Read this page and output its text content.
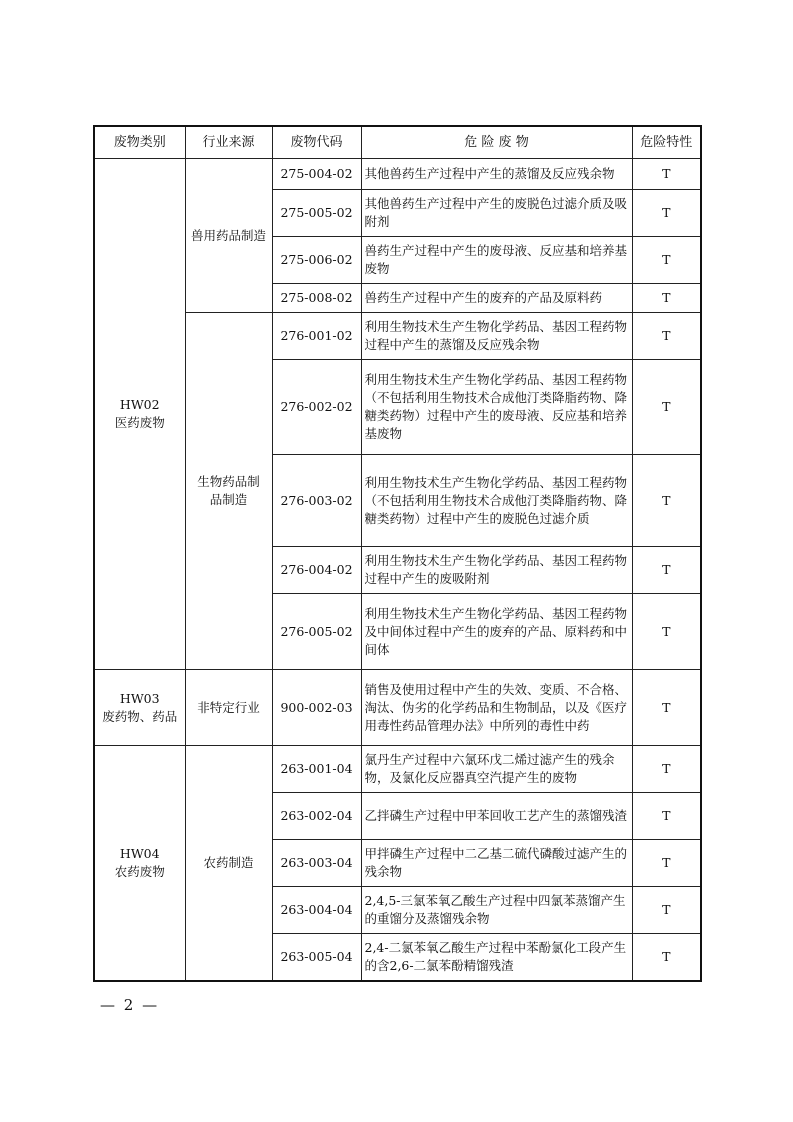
废物类别	行业来源	废物代码	危 险 废 物	危险特性

HW02
医药废物	兽用药品制造	275-004-02	其他兽药生产过程中产生的蒸馏及反应残余物	T
		275-005-02	其他兽药生产过程中产生的废脱色过滤介质及吸附剂	T
		275-006-02	兽药生产过程中产生的废母液、反应基和培养基废物	T
		275-008-02	兽药生产过程中产生的废弃的产品及原料药	T
	生物药品制品制造	276-001-02	利用生物技术生产生物化学药品、基因工程药物过程中产生的蒸馏及反应残余物	T
		276-002-02	利用生物技术生产生物化学药品、基因工程药物（不包括利用生物技术合成他汀类降脂药物、降糖类药物）过程中产生的废母液、反应基和培养基废物	T
		276-003-02	利用生物技术生产生物化学药品、基因工程药物（不包括利用生物技术合成他汀类降脂药物、降糖类药物）过程中产生的废脱色过滤介质	T
		276-004-02	利用生物技术生产生物化学药品、基因工程药物过程中产生的废吸附剂	T
		276-005-02	利用生物技术生产生物化学药品、基因工程药物及中间体过程中产生的废弃的产品、原料药和中间体	T

HW03
废药物、药品	非特定行业	900-002-03	销售及使用过程中产生的失效、变质、不合格、淘汰、伪劣的化学药品和生物制品，以及《医疗用毒性药品管理办法》中所列的毒性中药	T

HW04
农药废物	农药制造	263-001-04	氯丹生产过程中六氯环戊二烯过滤产生的残余物，及氯化反应器真空汽提产生的废物	T
		263-002-04	乙拌磷生产过程中甲苯回收工艺产生的蒸馏残渣	T
		263-003-04	甲拌磷生产过程中二乙基二硫代磷酸过滤产生的残余物	T
		263-004-04	2,4,5-三氯苯氧乙酸生产过程中四氯苯蒸馏产生的重馏分及蒸馏残余物	T
		263-005-04	2,4-二氯苯氧乙酸生产过程中苯酚氯化工段产生的含2,6-二氯苯酚精馏残渣	T
— 2 —
